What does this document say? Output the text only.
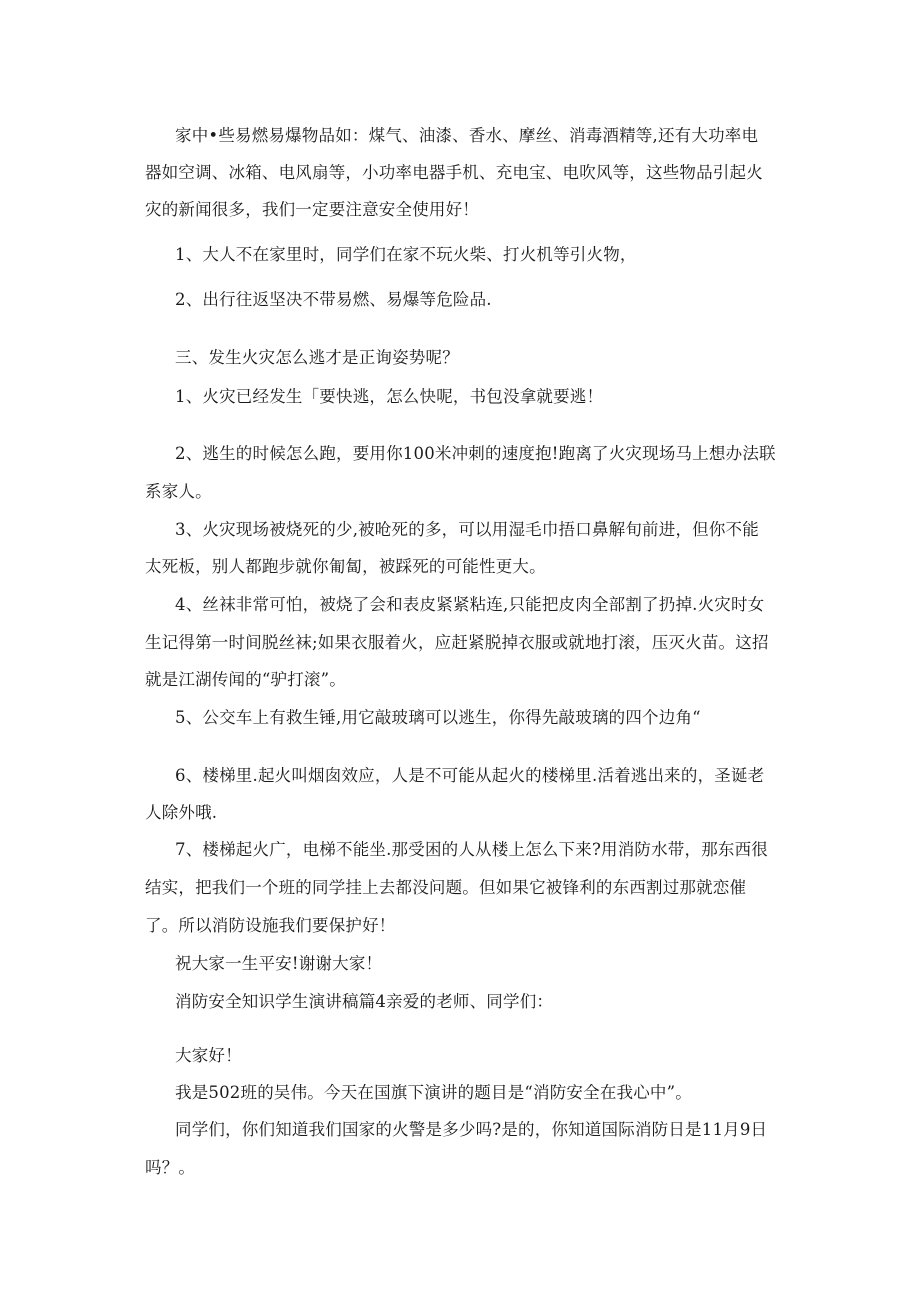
家中•些易燃易爆物品如：煤气、油漆、香水、摩丝、消毒酒精等,还有大功率电
器如空调、冰箱、电风扇等，小功率电器手机、充电宝、电吹风等，这些物品引起火
灾的新闻很多，我们一定要注意安全使用好！
1、大人不在家里时，同学们在家不玩火柴、打火机等引火物，
2、出行往返坚决不带易燃、易爆等危险品.
三、发生火灾怎么逃才是正询姿势呢？
1、火灾已经发生「要快逃，怎么快呢，书包没拿就要逃！
2、逃生的时候怎么跑，要用你100米冲刺的速度抱!跑离了火灾现场马上想办法联
系家人。
3、火灾现场被烧死的少,被呛死的多，可以用湿毛巾捂口鼻解旬前进，但你不能
太死板，别人都跑步就你匍匐，被踩死的可能性更大。
4、丝袜非常可怕，被烧了会和表皮紧紧粘连,只能把皮肉全部割了扔掉.火灾时女
生记得第一时间脱丝袜;如果衣服着火，应赶紧脱掉衣服或就地打滚，压灭火苗。这招
就是江湖传闻的“驴打滚”。
5、公交车上有救生锤,用它敲玻璃可以逃生，你得先敲玻璃的四个边角“
6、楼梯里.起火叫烟囱效应，人是不可能从起火的楼梯里.活着逃出来的，圣诞老
人除外哦.
7、楼梯起火广，电梯不能坐.那受困的人从楼上怎么下来?用消防水带，那东西很
结实，把我们一个班的同学挂上去都没问题。但如果它被锋利的东西割过那就恋催
了。所以消防设施我们要保护好！
祝大家一生平安!谢谢大家！
消防安全知识学生演讲稿篇4亲爱的老师、同学们：
大家好！
我是502班的吴伟。今天在国旗下演讲的题目是“消防安全在我心中”。
同学们，你们知道我们国家的火警是多少吗?是的，你知道国际消防日是11月9日
吗？。
